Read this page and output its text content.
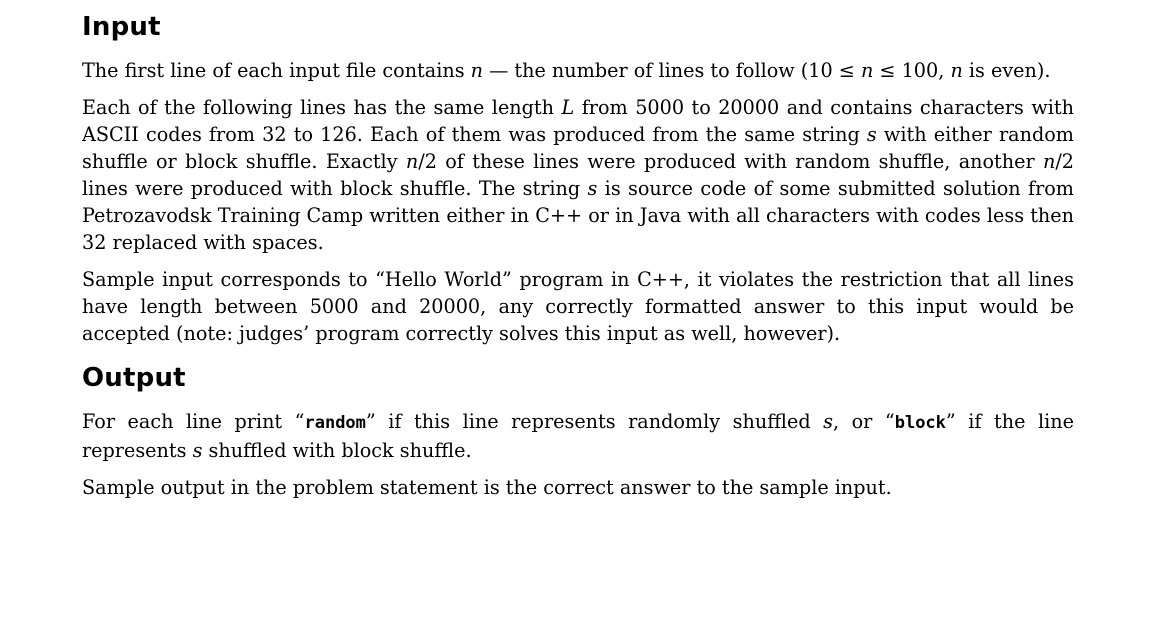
Input

The first line of each input file contains n — the number of lines to follow (10 ≤ n ≤ 100, n is even).

Each of the following lines has the same length L from 5000 to 20000 and contains characters with ASCII codes from 32 to 126. Each of them was produced from the same string s with either random shuffle or block shuffle. Exactly n/2 of these lines were produced with random shuffle, another n/2 lines were produced with block shuffle. The string s is source code of some submitted solution from Petrozavodsk Training Camp written either in C++ or in Java with all characters with codes less then 32 replaced with spaces.

Sample input corresponds to “Hello World” program in C++, it violates the restriction that all lines have length between 5000 and 20000, any correctly formatted answer to this input would be accepted (note: judges’ program correctly solves this input as well, however).

Output

For each line print “random” if this line represents randomly shuffled s, or “block” if the line represents s shuffled with block shuffle.

Sample output in the problem statement is the correct answer to the sample input.
